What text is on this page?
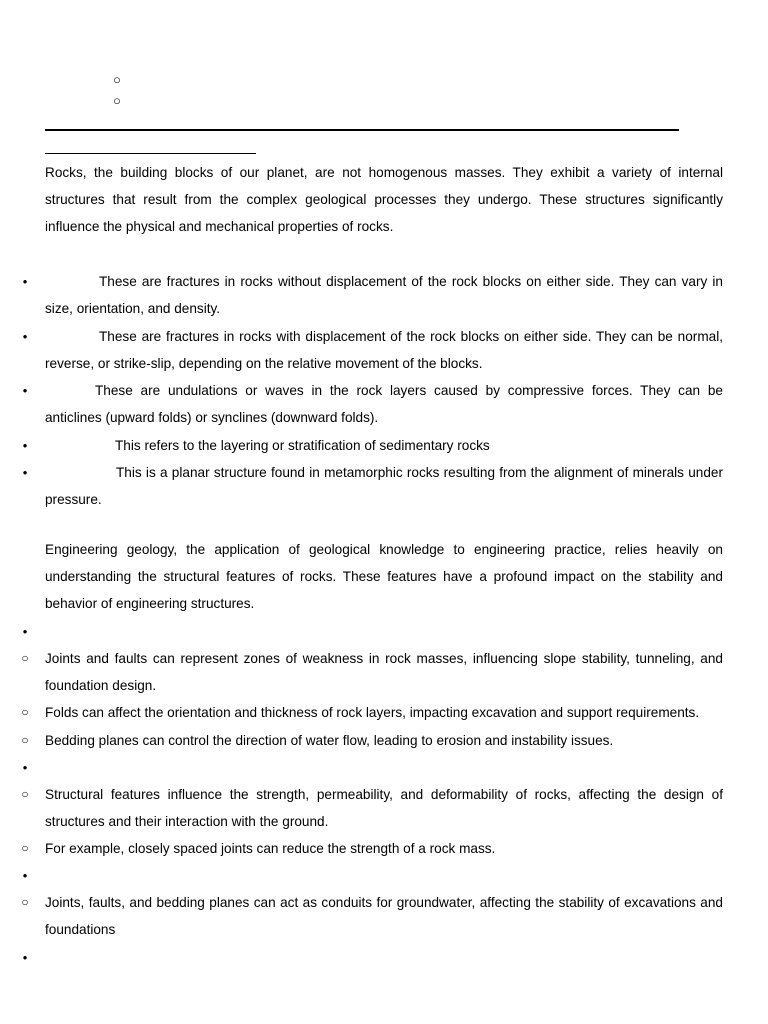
○
○

Rocks, the building blocks of our planet, are not homogenous masses. They exhibit a variety of internal structures that result from the complex geological processes they undergo. These structures significantly influence the physical and mechanical properties of rocks.

•	These are fractures in rocks without displacement of the rock blocks on either side. They can vary in size, orientation, and density.

•	These are fractures in rocks with displacement of the rock blocks on either side. They can be normal, reverse, or strike-slip, depending on the relative movement of the blocks.

•	These are undulations or waves in the rock layers caused by compressive forces. They can be anticlines (upward folds) or synclines (downward folds).

•	This refers to the layering or stratification of sedimentary rocks

•	This is a planar structure found in metamorphic rocks resulting from the alignment of minerals under pressure.

Engineering geology, the application of geological knowledge to engineering practice, relies heavily on understanding the structural features of rocks. These features have a profound impact on the stability and behavior of engineering structures.

•

○ Joints and faults can represent zones of weakness in rock masses, influencing slope stability, tunneling, and foundation design.

○ Folds can affect the orientation and thickness of rock layers, impacting excavation and support requirements.

○ Bedding planes can control the direction of water flow, leading to erosion and instability issues.

•

○ Structural features influence the strength, permeability, and deformability of rocks, affecting the design of structures and their interaction with the ground.

○ For example, closely spaced joints can reduce the strength of a rock mass.

•

○ Joints, faults, and bedding planes can act as conduits for groundwater, affecting the stability of excavations and foundations

•
